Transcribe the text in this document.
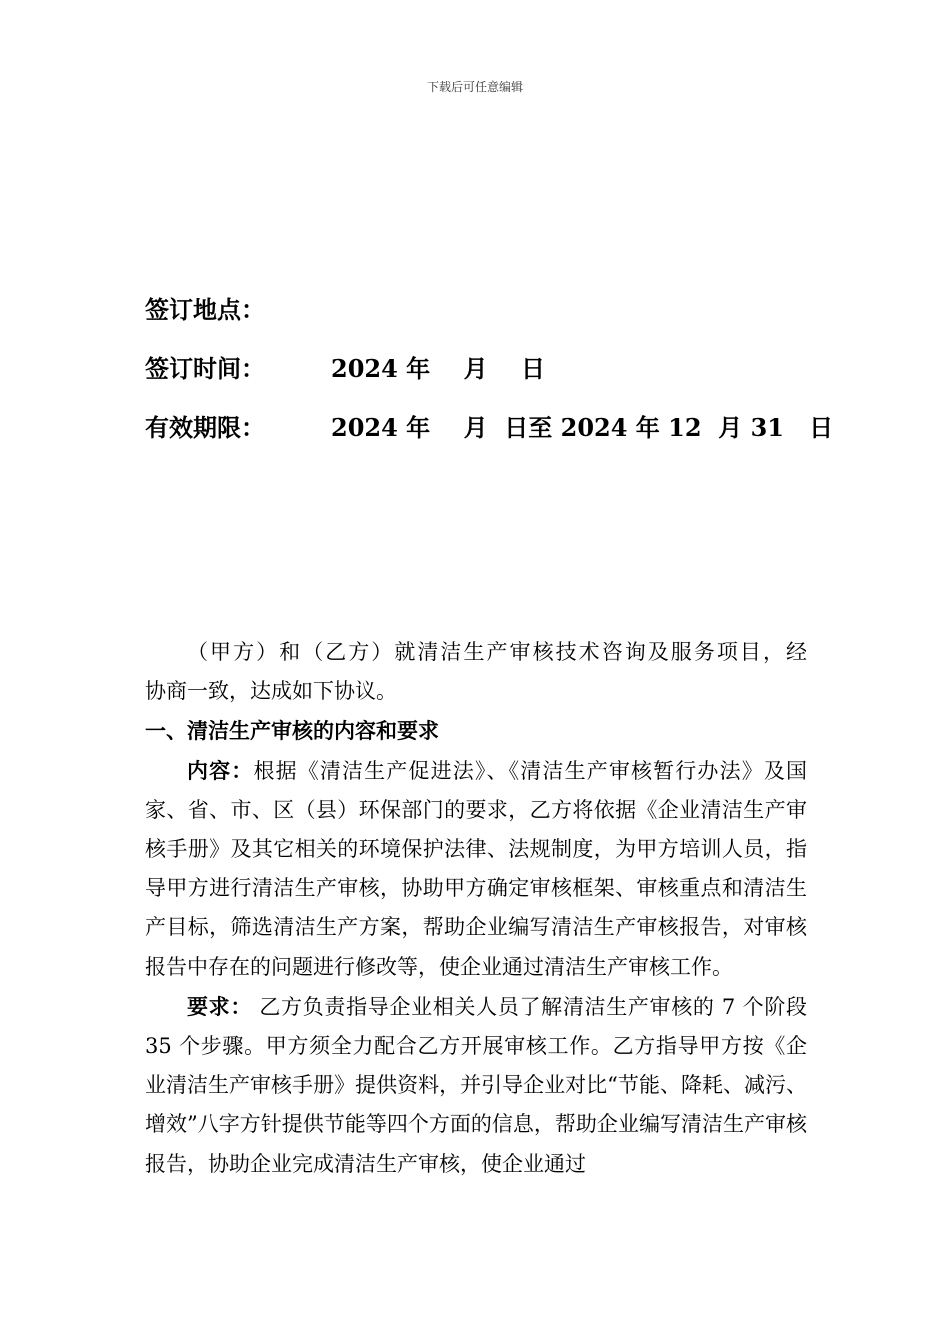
下载后可任意编辑
签订地点：
签订时间：	2024 年    月    日
有效期限：	2024 年    月  日至 2024 年 12  月 31   日

（甲方）和（乙方）就清洁生产审核技术咨询及服务项目，经

协商一致，达成如下协议。

一、清洁生产审核的内容和要求

内容：根据《清洁生产促进法》、《清洁生产审核暂行办法》及国家、省、市、区（县）环保部门的要求，乙方将依据《企业清洁生产审核手册》及其它相关的环境保护法律、法规制度，为甲方培训人员，指导甲方进行清洁生产审核，协助甲方确定审核框架、审核重点和清洁生产目标，筛选清洁生产方案，帮助企业编写清洁生产审核报告，对审核报告中存在的问题进行修改等，使企业通过清洁生产审核工作。

要求： 乙方负责指导企业相关人员了解清洁生产审核的 7 个阶段 35 个步骤。甲方须全力配合乙方开展审核工作。乙方指导甲方按《企业清洁生产审核手册》提供资料，并引导企业对比“节能、降耗、减污、增效”八字方针提供节能等四个方面的信息，帮助企业编写清洁生产审核报告，协助企业完成清洁生产审核，使企业通过
